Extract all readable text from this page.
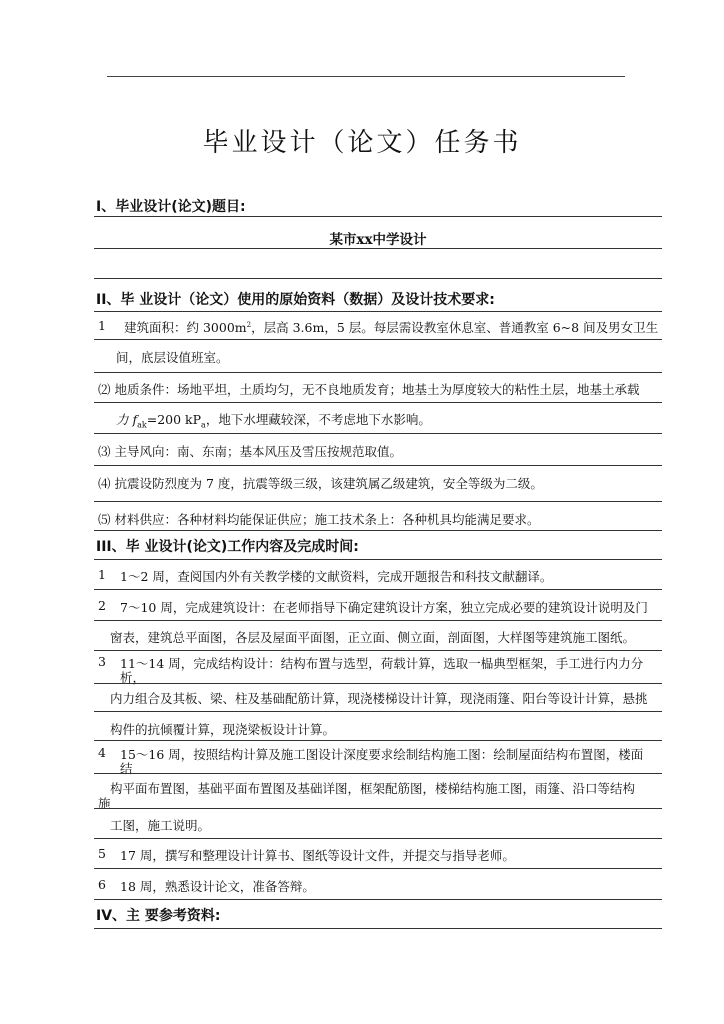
毕业设计（论文）任务书
I、毕业设计(论文)题目:
某市xx中学设计
II、毕 业设计（论文）使用的原始资料（数据）及设计技术要求:
1 建筑面积：约 $3000m^2$，层高 3.6m，5 层。每层需设教室休息室、普通教室 6~8 间及男女卫生
间，底层设值班室。
⑵ 地质条件：场地平坦，土质均匀，无不良地质发育；地基土为厚度较大的粘性土层，地基土承载
力 $f_{ak}=200$ $kP_a$，地下水埋藏较深，不考虑地下水影响。
⑶ 主导风向：南、东南；基本风压及雪压按规范取值。
⑷ 抗震设防烈度为 7 度，抗震等级三级，该建筑属乙级建筑，安全等级为二级。
⑸ 材料供应：各种材料均能保证供应；施工技术条上：各种机具均能满足要求。
III、毕 业设计(论文)工作内容及完成时间:
1 1～2 周，查阅国内外有关教学楼的文献资料，完成开题报告和科技文献翻译。
2 7～10 周，完成建筑设计：在老师指导下确定建筑设计方案，独立完成必要的建筑设计说明及门
窗表，建筑总平面图，各层及屋面平面图，正立面、侧立面，剖面图，大样图等建筑施工图纸。
3 11～14 周，完成结构设计：结构布置与选型，荷载计算，选取一榀典型框架，手工进行内力分
析，
内力组合及其板、梁、柱及基础配筋计算，现浇楼梯设计计算，现浇雨篷、阳台等设计计算，悬挑
构件的抗倾覆计算，现浇梁板设计计算。
4 15～16 周，按照结构计算及施工图设计深度要求绘制结构施工图：绘制屋面结构布置图，楼面
结
构平面布置图，基础平面布置图及基础详图，框架配筋图，楼梯结构施工图，雨篷、沿口等结构
施
工图，施工说明。
5 17 周，撰写和整理设计计算书、图纸等设计文件，并提交与指导老师。
6 18 周，熟悉设计论文，准备答辩。
IV、主 要参考资料:
